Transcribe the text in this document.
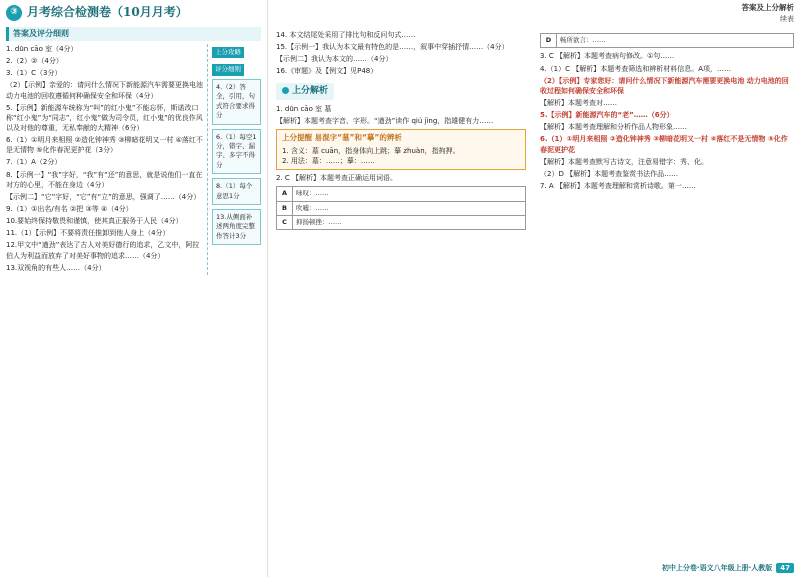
答案及上分解析
续表
③ 月考综合检测卷（10月月考）
答案及评分细则
1. dūn cāo 室（4分）
2.（2）②（4分）
3.（1）C（3分）
（2）【示例】亲爱的：请问什么情况下新能源汽车需要更换电池 动力电池的回收遵循何种确保安全和环保（4分）
5.【示例】新能源车统称为“叫”的红小鬼”不能忘怀，斯诺改口称“红小鬼”为“同志”，红小鬼”做为司令员，红小鬼”的优良作风以及对他的尊重，无私奉献的大精神（6分）
6.（1）①明月来相照 ②造化钟神秀 ③柳暗花明又一村 ④落红不是无情物 ⑤化作春泥更护花（3分）
7.（1）A（2分）
8.【示例一】“我”字好，“我”有“还”的意思，就是说他们一直在对方的心里，不能在身边（4分）
【示例二】“它”字好，“它”有“立”的意思，强调了……（4分）
9.（1）①出名/有名 ②把 ③等 ④（4分）
10.要始终保持敬畏和谨慎，使其真正服务于人民（4分）
11.（1）【示例】不要将责任推卸到他人身上（4分）
12.甲文中“遒劲”表达了古人对美好德行的追求，乙文中，阿拉伯人为利益而放弃了对美好事物的追求……（4分）
13.双视角的有些人……（4分）
上分攻略 评分细则
4.（2）答全，引用，句式符合要求得分
6.（1）每空1分，错字、漏字、多字不得分
8.（1）每个意思1分
13.从侧面补述两角度完整作答计3分
14. 本文结尾处采用了排比句和反问句式……
15.【示例一】我认为本文最有特色的是……，叙事中穿插抒情……（4分）
【示例二】我认为本文的……（4分）
16.《审题》及【例文】见P48）
上分解析
1. dūn cāo 室 墓
【解析】本题考查字音、字形。“遒劲”读作 qiú jìng，指雄健有力……
上分提醒 易混字“墓”和“摹”的辨析
1. 含义：墓 cuān，指身体向上跳；摹 zhuàn，指拘押。
2. 用法：墓：……；摹：……
2. C 【解析】本题考查正确运用词语。
A	咏叹：……
B	吹嘘：……
C	抑扬顿挫：……
D	畅所欲言：……
3. C 【解析】本题考查病句修改。①句……
4.（1）C 【解析】本题考查筛选和辨析材料信息。A项，……
（2）【示例】专家您好：请问什么情况下新能源汽车需要更换电池 动力电池的回收过程如何确保安全和环保
【解析】本题考查对……
5.【示例】新能源汽车的“老”……（6分）
【解析】本题考查理解和分析作品人物形象……
6.（1）①明月来相照 ②造化钟神秀 ③柳暗花明又一村 ④落红不是无情物 ⑤化作春泥更护花
【解析】本题考查默写古诗文，注意易错字：秀、化。
（2）D 【解析】本题考查鉴赏书法作品……
7. A 【解析】本题考查理解和赏析诗歌。第一……
初中上分卷·语文八年级上册·人教版 47
